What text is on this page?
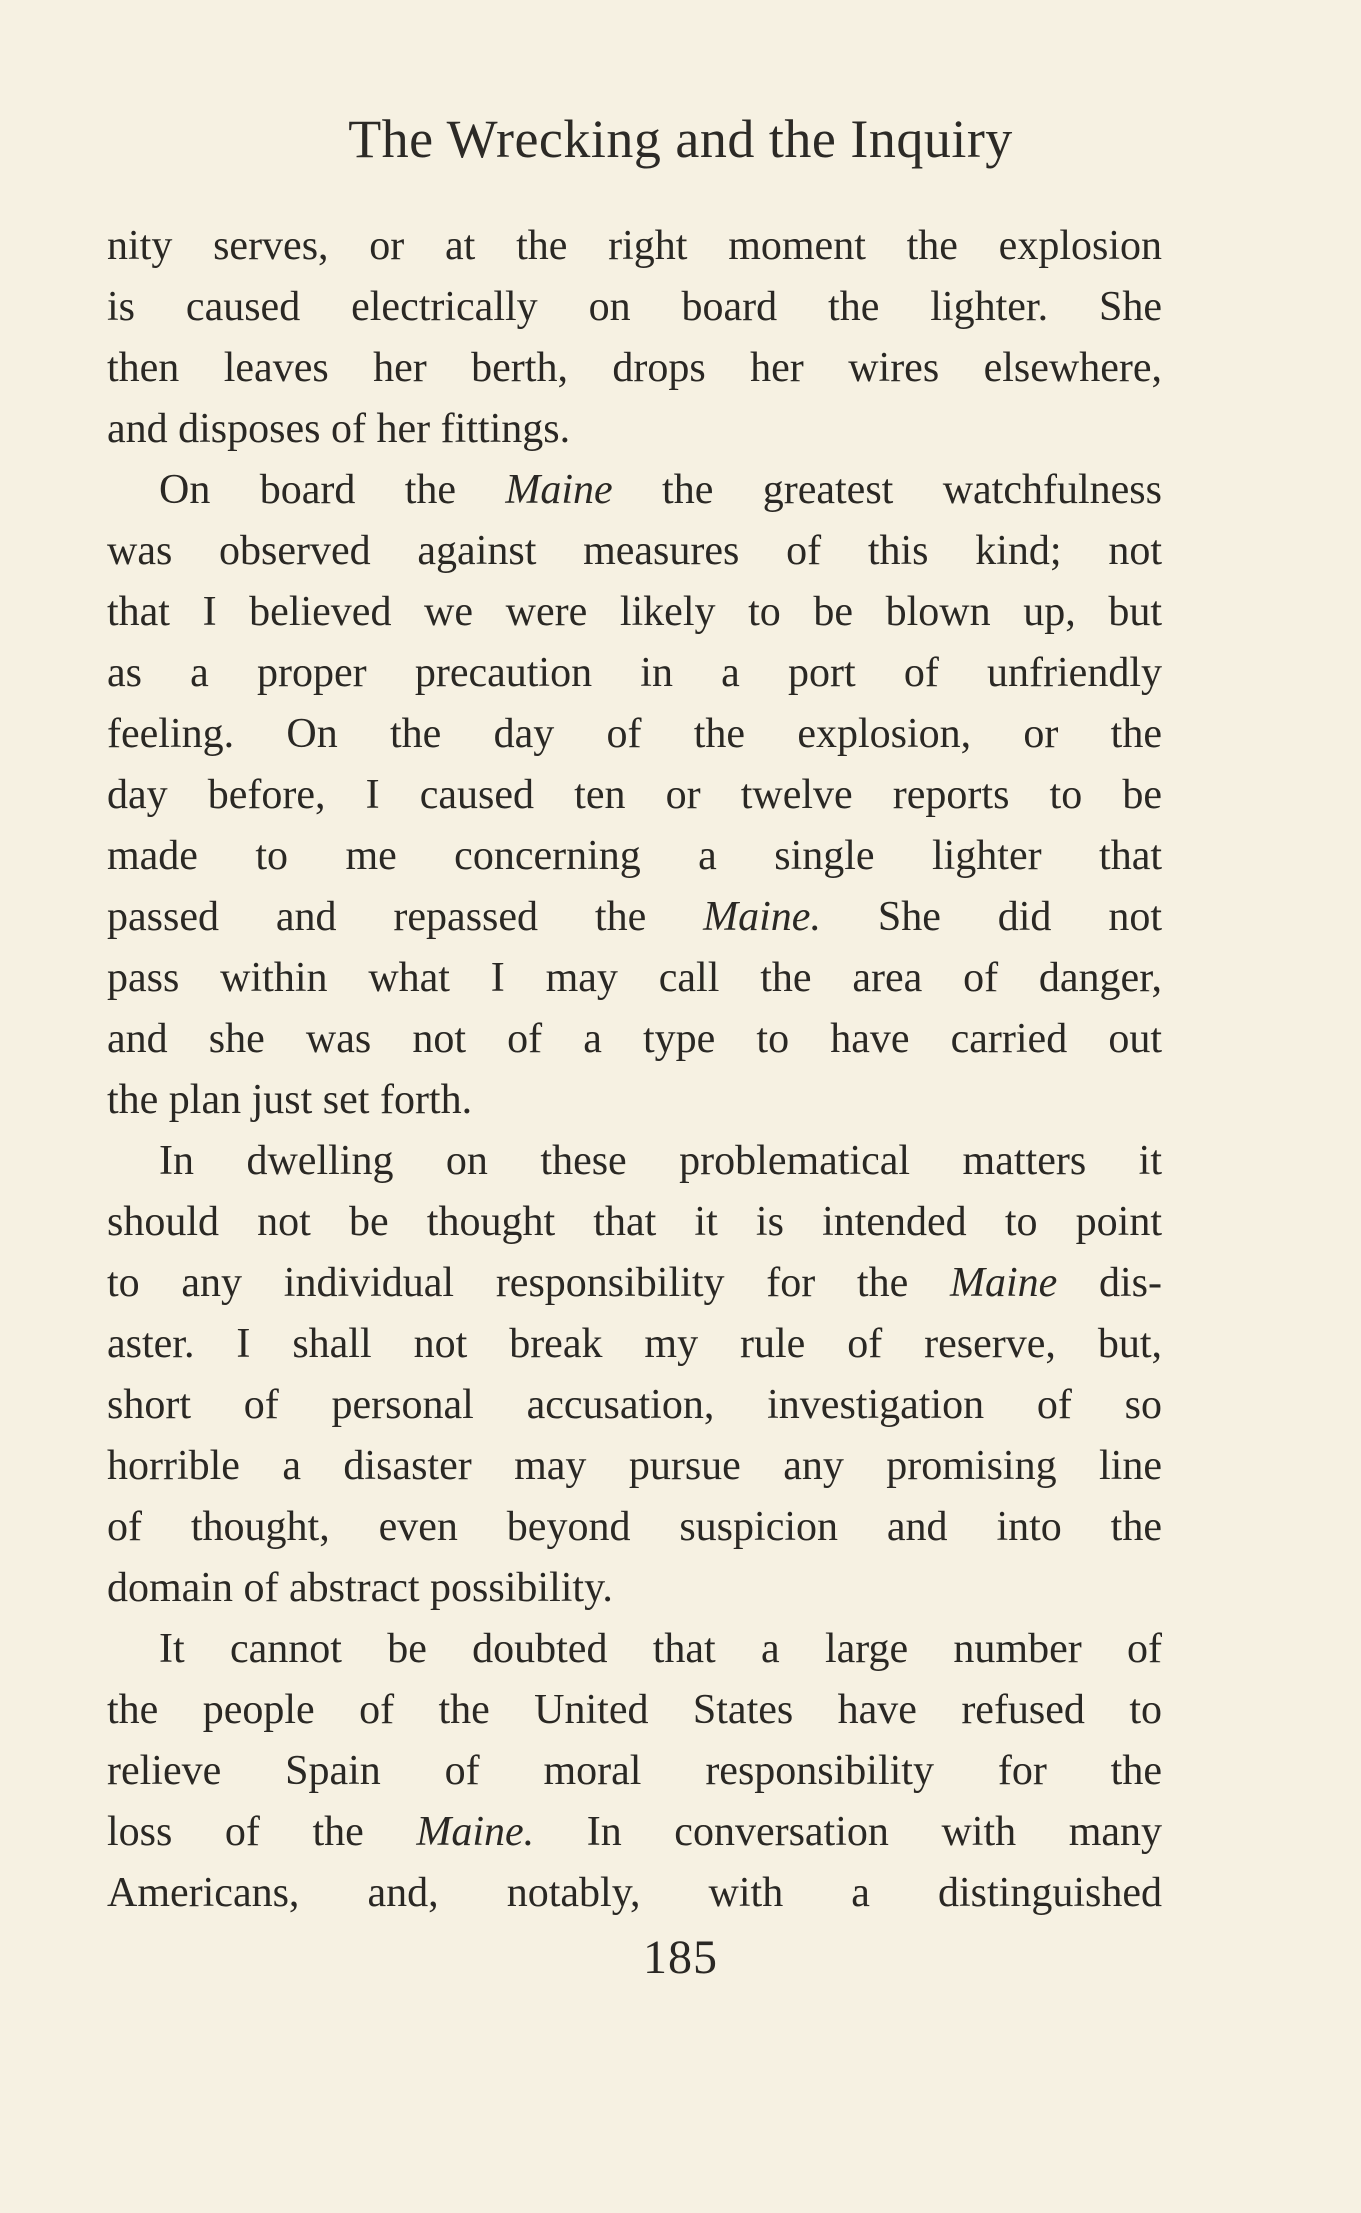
The Wrecking and the Inquiry
nity serves, or at the right moment the explosion
is caused electrically on board the lighter. She
then leaves her berth, drops her wires elsewhere,
and disposes of her fittings.
On board the Maine the greatest watchfulness
was observed against measures of this kind; not
that I believed we were likely to be blown up, but
as a proper precaution in a port of unfriendly
feeling. On the day of the explosion, or the
day before, I caused ten or twelve reports to be
made to me concerning a single lighter that
passed and repassed the Maine. She did not
pass within what I may call the area of danger,
and she was not of a type to have carried out
the plan just set forth.
In dwelling on these problematical matters it
should not be thought that it is intended to point
to any individual responsibility for the Maine dis-
aster. I shall not break my rule of reserve, but,
short of personal accusation, investigation of so
horrible a disaster may pursue any promising line
of thought, even beyond suspicion and into the
domain of abstract possibility.
It cannot be doubted that a large number of
the people of the United States have refused to
relieve Spain of moral responsibility for the
loss of the Maine. In conversation with many
Americans, and, notably, with a distinguished
185
